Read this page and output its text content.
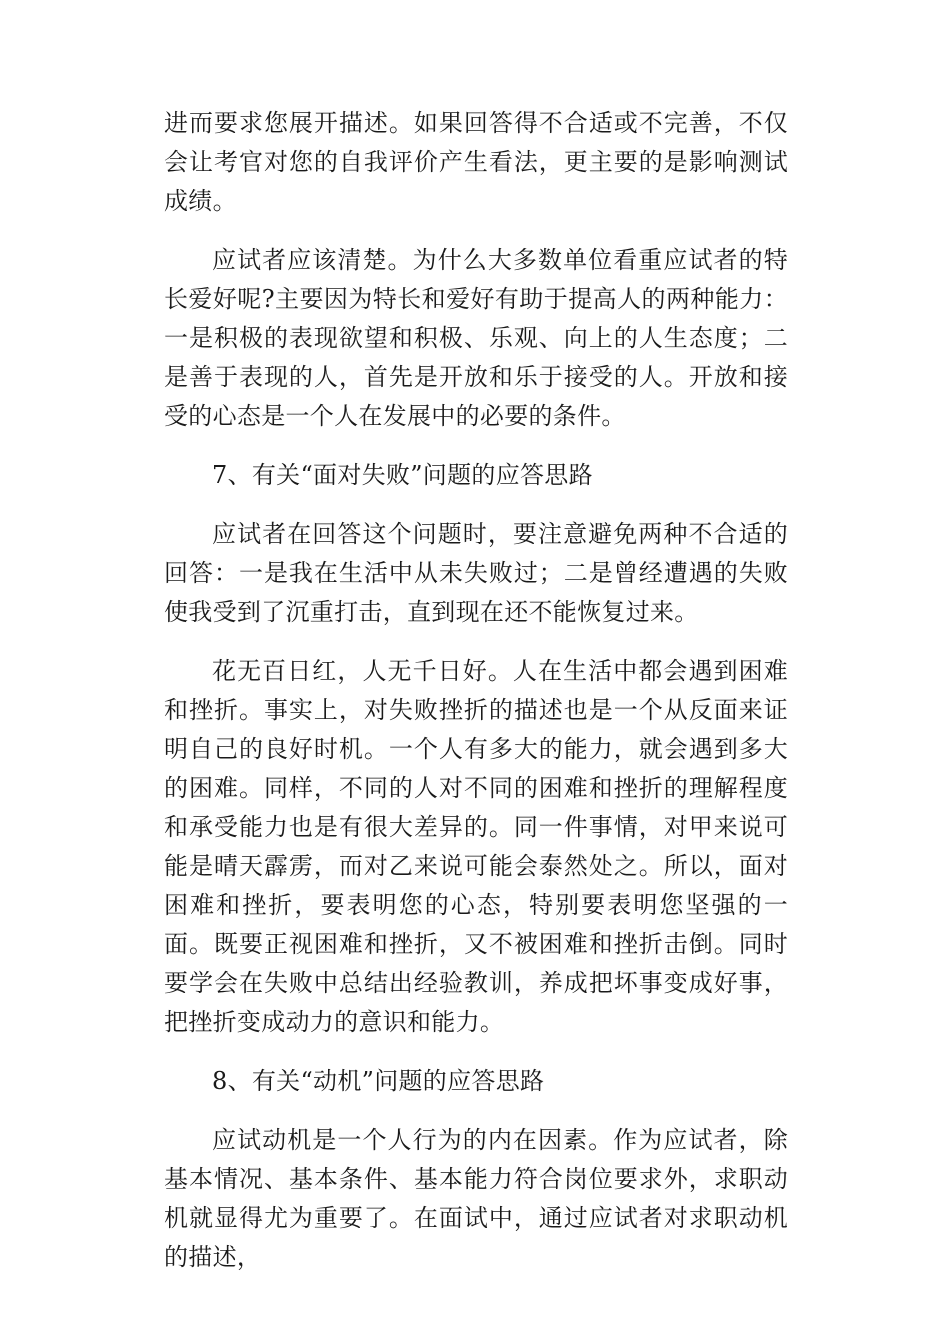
进而要求您展开描述。如果回答得不合适或不完善，不仅会让考官对您的自我评价产生看法，更主要的是影响测试成绩。

应试者应该清楚。为什么大多数单位看重应试者的特长爱好呢?主要因为特长和爱好有助于提高人的两种能力：一是积极的表现欲望和积极、乐观、向上的人生态度；二是善于表现的人，首先是开放和乐于接受的人。开放和接受的心态是一个人在发展中的必要的条件。

7、有关“面对失败”问题的应答思路

应试者在回答这个问题时，要注意避免两种不合适的回答：一是我在生活中从未失败过；二是曾经遭遇的失败使我受到了沉重打击，直到现在还不能恢复过来。

花无百日红，人无千日好。人在生活中都会遇到困难和挫折。事实上，对失败挫折的描述也是一个从反面来证明自己的良好时机。一个人有多大的能力，就会遇到多大的困难。同样，不同的人对不同的困难和挫折的理解程度和承受能力也是有很大差异的。同一件事情，对甲来说可能是晴天霹雳，而对乙来说可能会泰然处之。所以，面对困难和挫折，要表明您的心态，特别要表明您坚强的一面。既要正视困难和挫折，又不被困难和挫折击倒。同时要学会在失败中总结出经验教训，养成把坏事变成好事，把挫折变成动力的意识和能力。

8、有关“动机”问题的应答思路

应试动机是一个人行为的内在因素。作为应试者，除基本情况、基本条件、基本能力符合岗位要求外，求职动机就显得尤为重要了。在面试中，通过应试者对求职动机的描述，
